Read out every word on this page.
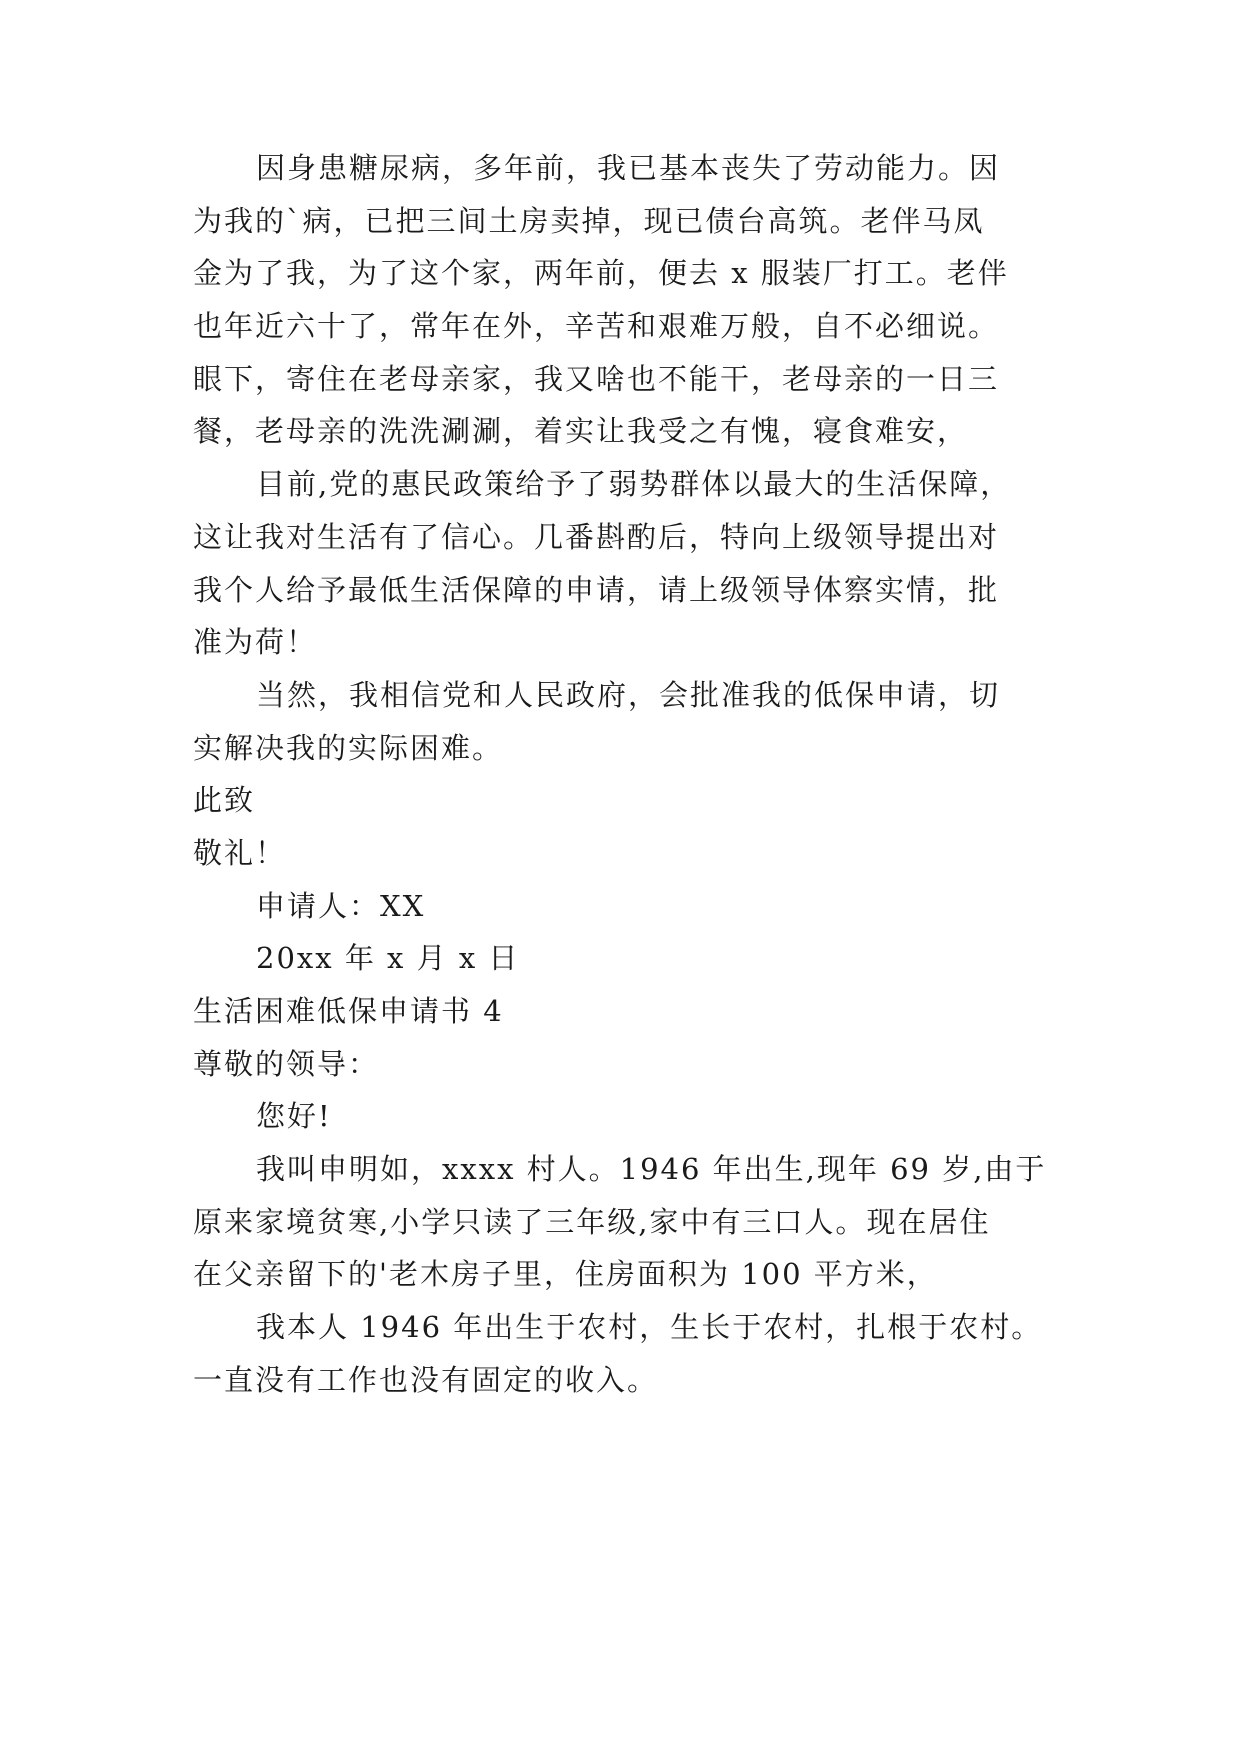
因身患糖尿病，多年前，我已基本丧失了劳动能力。因
为我的`病，已把三间土房卖掉，现已债台高筑。老伴马凤
金为了我，为了这个家，两年前，便去 x 服装厂打工。老伴
也年近六十了，常年在外，辛苦和艰难万般，自不必细说。
眼下，寄住在老母亲家，我又啥也不能干，老母亲的一日三
餐，老母亲的洗洗涮涮，着实让我受之有愧，寝食难安，
目前,党的惠民政策给予了弱势群体以最大的生活保障，
这让我对生活有了信心。几番斟酌后，特向上级领导提出对
我个人给予最低生活保障的申请，请上级领导体察实情，批
准为荷！
当然，我相信党和人民政府，会批准我的低保申请，切
实解决我的实际困难。
此致
敬礼！
申请人：XX
20xx 年 x 月 x 日
生活困难低保申请书 4
尊敬的领导：
您好!
我叫申明如，xxxx 村人。1946 年出生,现年 69 岁,由于
原来家境贫寒,小学只读了三年级,家中有三口人。现在居住
在父亲留下的'老木房子里，住房面积为 100 平方米，
我本人 1946 年出生于农村，生长于农村，扎根于农村。
一直没有工作也没有固定的收入。
